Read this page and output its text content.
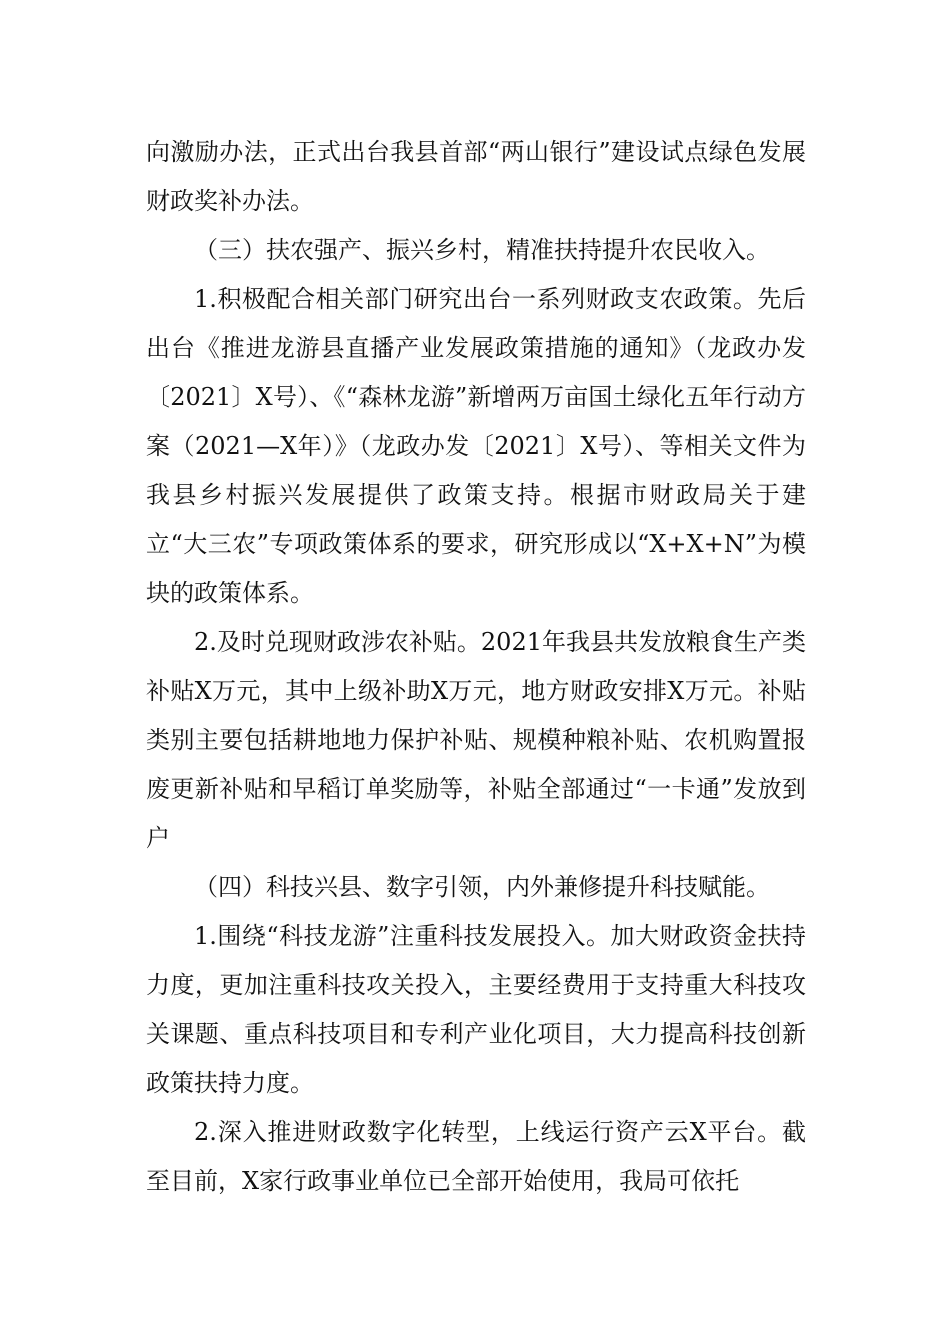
向激励办法，正式出台我县首部“两山银行”建设试点绿色发展财政奖补办法。

（三）扶农强产、振兴乡村，精准扶持提升农民收入。

1.积极配合相关部门研究出台一系列财政支农政策。先后出台《推进龙游县直播产业发展政策措施的通知》（龙政办发〔2021〕X号）、《“森林龙游”新增两万亩国土绿化五年行动方案（2021—X年）》（龙政办发〔2021〕X号）、等相关文件为我县乡村振兴发展提供了政策支持。根据市财政局关于建立“大三农”专项政策体系的要求，研究形成以“X+X+N”为模块的政策体系。

2.及时兑现财政涉农补贴。2021年我县共发放粮食生产类补贴X万元，其中上级补助X万元，地方财政安排X万元。补贴类别主要包括耕地地力保护补贴、规模种粮补贴、农机购置报废更新补贴和早稻订单奖励等，补贴全部通过“一卡通”发放到户

（四）科技兴县、数字引领，内外兼修提升科技赋能。

1.围绕“科技龙游”注重科技发展投入。加大财政资金扶持力度，更加注重科技攻关投入，主要经费用于支持重大科技攻关课题、重点科技项目和专利产业化项目，大力提高科技创新政策扶持力度。

2.深入推进财政数字化转型，上线运行资产云X平台。截至目前，X家行政事业单位已全部开始使用，我局可依托
